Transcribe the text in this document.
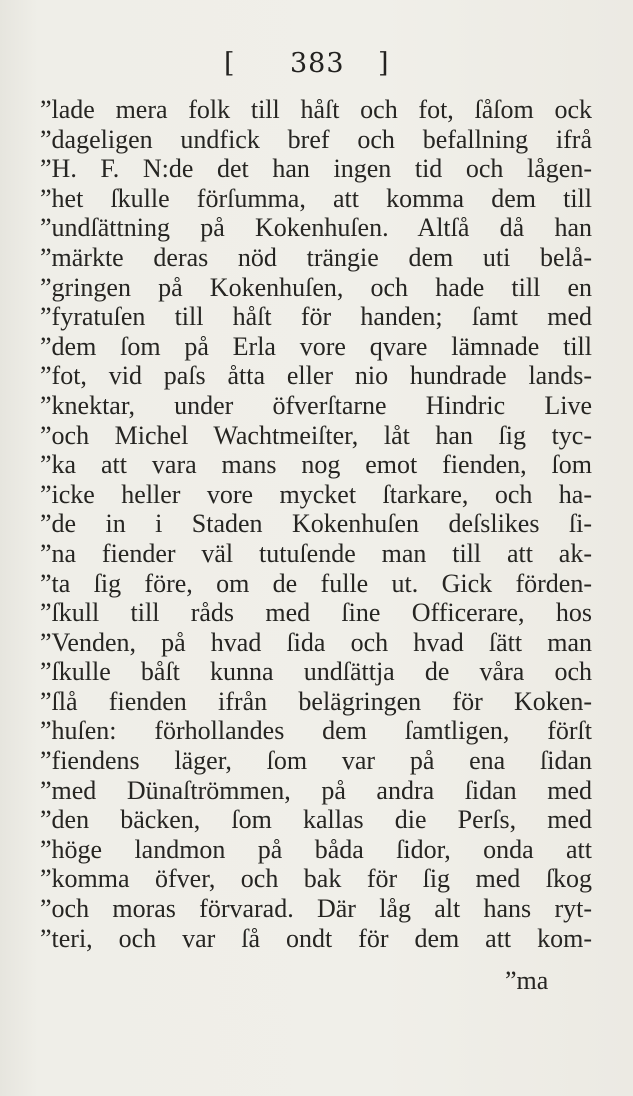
[ 383 ]
”lade mera folk till håſt och fot, ſåſom ock
”dageligen undfick bref och befallning ifrå
”H. F. N:de det han ingen tid och lågen-
”het ſkulle förſumma, att komma dem till
”undſättning på Kokenhuſen. Altſå då han
”märkte deras nöd trängie dem uti belå-
”gringen på Kokenhuſen, och hade till en
”fyratuſen till håſt för handen; ſamt med
”dem ſom på Erla vore qvare lämnade till
”fot, vid paſs åtta eller nio hundrade lands-
”knektar, under öfverſtarne Hindric Live
”och Michel Wachtmeiſter, låt han ſig tyc-
”ka att vara mans nog emot fienden, ſom
”icke heller vore mycket ſtarkare, och ha-
”de in i Staden Kokenhuſen deſslikes ſi-
”na fiender väl tutuſende man till att ak-
”ta ſig före, om de fulle ut. Gick förden-
”ſkull till råds med ſine Officerare, hos
”Venden, på hvad ſida och hvad ſätt man
”ſkulle båſt kunna undſättja de våra och
”ſlå fienden ifrån belägringen för Koken-
”huſen: förhollandes dem ſamtligen, förſt
”fiendens läger, ſom var på ena ſidan
”med Dünaſtrömmen, på andra ſidan med
”den bäcken, ſom kallas die Perſs, med
”höge landmon på båda ſidor, onda att
”komma öfver, och bak för ſig med ſkog
”och moras förvarad. Där låg alt hans ryt-
”teri, och var ſå ondt för dem att kom-
”ma
